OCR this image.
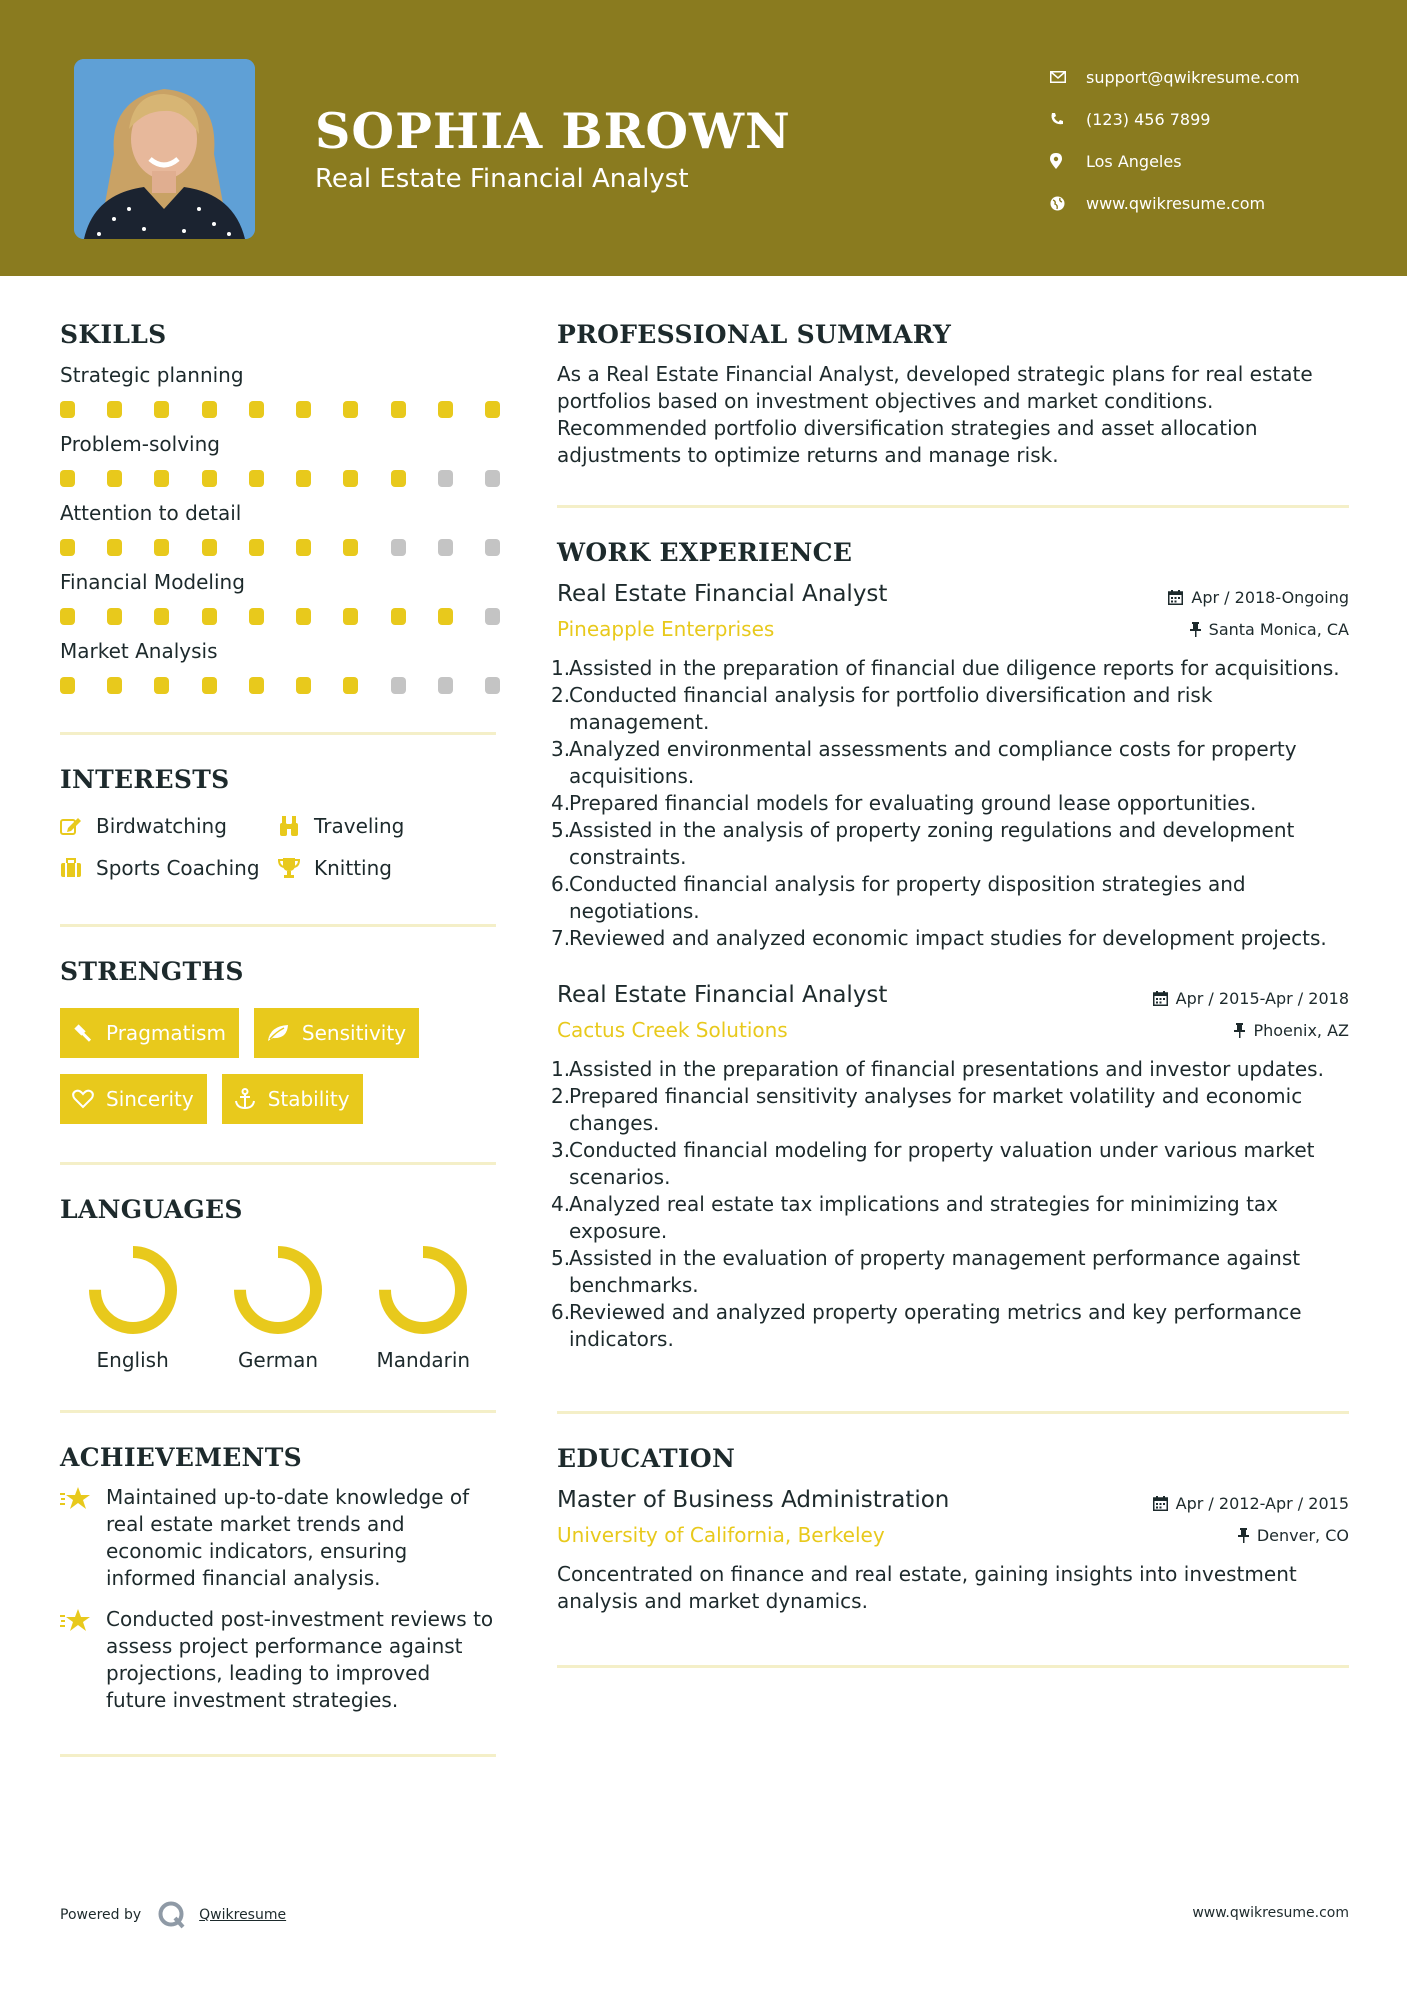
SOPHIA BROWN
Real Estate Financial Analyst
support@qwikresume.com
(123) 456 7899
Los Angeles
www.qwikresume.com
SKILLS
Strategic planning
Problem-solving
Attention to detail
Financial Modeling
Market Analysis
INTERESTS
Birdwatching	Traveling
Sports Coaching	Knitting
STRENGTHS
Pragmatism	Sensitivity
Sincerity	Stability
LANGUAGES
English	German	Mandarin
ACHIEVEMENTS
Maintained up-to-date knowledge of real estate market trends and economic indicators, ensuring informed financial analysis.
Conducted post-investment reviews to assess project performance against projections, leading to improved future investment strategies.
PROFESSIONAL SUMMARY
As a Real Estate Financial Analyst, developed strategic plans for real estate portfolios based on investment objectives and market conditions. Recommended portfolio diversification strategies and asset allocation adjustments to optimize returns and manage risk.
WORK EXPERIENCE
Real Estate Financial Analyst
Pineapple Enterprises
Apr / 2018-Ongoing
Santa Monica, CA
1.
Assisted in the preparation of financial due diligence reports for acquisitions.
2.
Conducted financial analysis for portfolio diversification and risk management.
3.
Analyzed environmental assessments and compliance costs for property acquisitions.
4.
Prepared financial models for evaluating ground lease opportunities.
5.
Assisted in the analysis of property zoning regulations and development constraints.
6.
Conducted financial analysis for property disposition strategies and negotiations.
7.
Reviewed and analyzed economic impact studies for development projects.
Real Estate Financial Analyst
Cactus Creek Solutions
Apr / 2015-Apr / 2018
Phoenix, AZ
1.
Assisted in the preparation of financial presentations and investor updates.
2.
Prepared financial sensitivity analyses for market volatility and economic changes.
3.
Conducted financial modeling for property valuation under various market scenarios.
4.
Analyzed real estate tax implications and strategies for minimizing tax exposure.
5.
Assisted in the evaluation of property management performance against benchmarks.
6.
Reviewed and analyzed property operating metrics and key performance indicators.
EDUCATION
Master of Business Administration
University of California, Berkeley
Apr / 2012-Apr / 2015
Denver, CO
Concentrated on finance and real estate, gaining insights into investment analysis and market dynamics.
Powered by	Qwikresume	www.qwikresume.com
